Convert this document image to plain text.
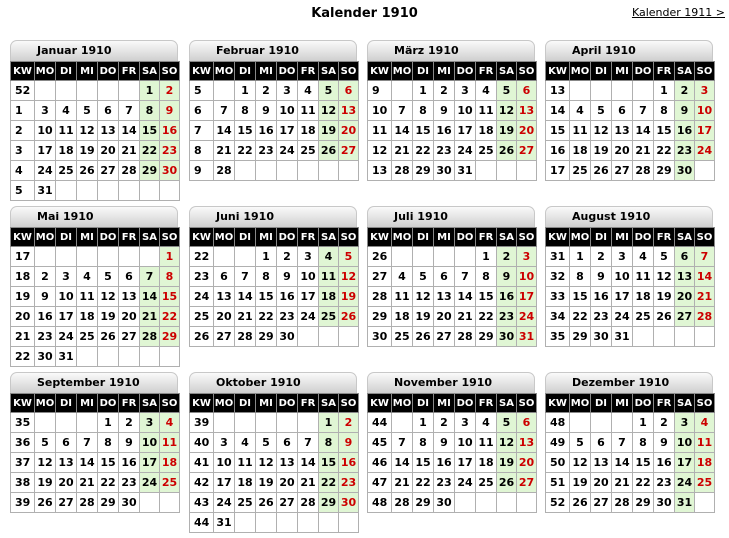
Kalender 1910	Kalender 1911 >
Januar 1910
KW	MO	DI	MI	DO	FR	SA	SO
52						1	2
1	3	4	5	6	7	8	9
2	10	11	12	13	14	15	16
3	17	18	19	20	21	22	23
4	24	25	26	27	28	29	30
5	31						
Februar 1910
KW	MO	DI	MI	DO	FR	SA	SO
5		1	2	3	4	5	6
6	7	8	9	10	11	12	13
7	14	15	16	17	18	19	20
8	21	22	23	24	25	26	27
9	28						
März 1910
KW	MO	DI	MI	DO	FR	SA	SO
9		1	2	3	4	5	6
10	7	8	9	10	11	12	13
11	14	15	16	17	18	19	20
12	21	22	23	24	25	26	27
13	28	29	30	31			
April 1910
KW	MO	DI	MI	DO	FR	SA	SO
13					1	2	3
14	4	5	6	7	8	9	10
15	11	12	13	14	15	16	17
16	18	19	20	21	22	23	24
17	25	26	27	28	29	30	
Mai 1910
KW	MO	DI	MI	DO	FR	SA	SO
17							1
18	2	3	4	5	6	7	8
19	9	10	11	12	13	14	15
20	16	17	18	19	20	21	22
21	23	24	25	26	27	28	29
22	30	31					
Juni 1910
KW	MO	DI	MI	DO	FR	SA	SO
22			1	2	3	4	5
23	6	7	8	9	10	11	12
24	13	14	15	16	17	18	19
25	20	21	22	23	24	25	26
26	27	28	29	30			
Juli 1910
KW	MO	DI	MI	DO	FR	SA	SO
26					1	2	3
27	4	5	6	7	8	9	10
28	11	12	13	14	15	16	17
29	18	19	20	21	22	23	24
30	25	26	27	28	29	30	31
August 1910
KW	MO	DI	MI	DO	FR	SA	SO
31	1	2	3	4	5	6	7
32	8	9	10	11	12	13	14
33	15	16	17	18	19	20	21
34	22	23	24	25	26	27	28
35	29	30	31				
September 1910
KW	MO	DI	MI	DO	FR	SA	SO
35				1	2	3	4
36	5	6	7	8	9	10	11
37	12	13	14	15	16	17	18
38	19	20	21	22	23	24	25
39	26	27	28	29	30		
Oktober 1910
KW	MO	DI	MI	DO	FR	SA	SO
39						1	2
40	3	4	5	6	7	8	9
41	10	11	12	13	14	15	16
42	17	18	19	20	21	22	23
43	24	25	26	27	28	29	30
44	31						
November 1910
KW	MO	DI	MI	DO	FR	SA	SO
44		1	2	3	4	5	6
45	7	8	9	10	11	12	13
46	14	15	16	17	18	19	20
47	21	22	23	24	25	26	27
48	28	29	30				
Dezember 1910
KW	MO	DI	MI	DO	FR	SA	SO
48				1	2	3	4
49	5	6	7	8	9	10	11
50	12	13	14	15	16	17	18
51	19	20	21	22	23	24	25
52	26	27	28	29	30	31	
